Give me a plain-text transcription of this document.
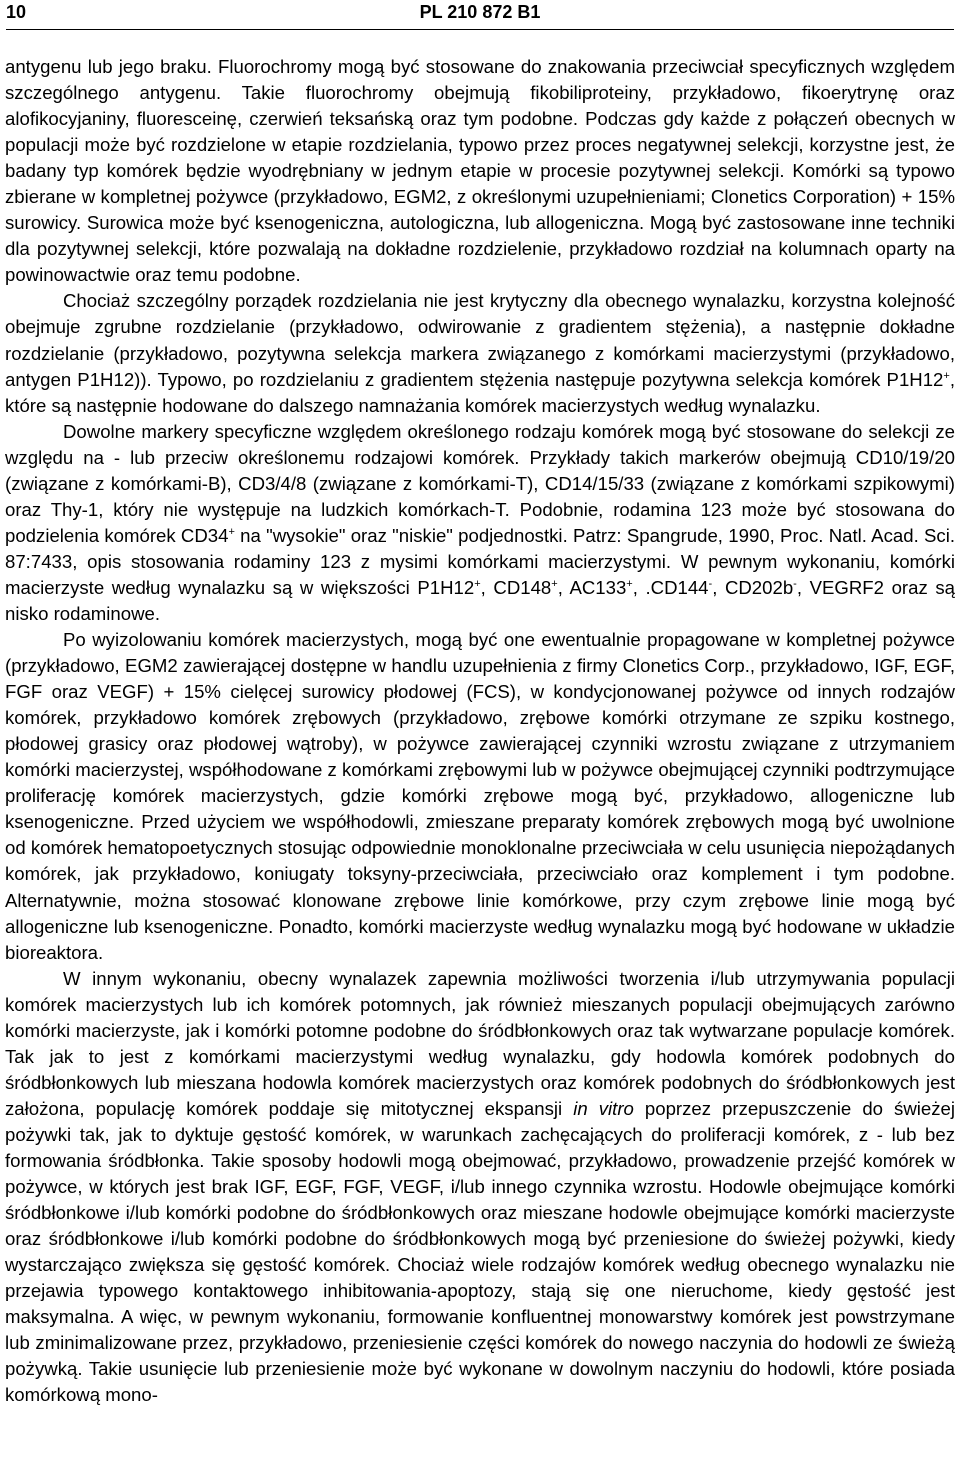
10	PL 210 872 B1

antygenu lub jego braku. Fluorochromy mogą być stosowane do znakowania przeciwciał specyficznych względem szczególnego antygenu. Takie fluorochromy obejmują fikobiliproteiny, przykładowo, fikoerytrynę oraz alofikocyjaniny, fluoresceinę, czerwień teksańską oraz tym podobne. Podczas gdy każde z połączeń obecnych w populacji może być rozdzielone w etapie rozdzielania, typowo przez proces negatywnej selekcji, korzystne jest, że badany typ komórek będzie wyodrębniany w jednym etapie w procesie pozytywnej selekcji. Komórki są typowo zbierane w kompletnej pożywce (przykładowo, EGM2, z określonymi uzupełnieniami; Clonetics Corporation) + 15% surowicy. Surowica może być ksenogeniczna, autologiczna, lub allogeniczna. Mogą być zastosowane inne techniki dla pozytywnej selekcji, które pozwalają na dokładne rozdzielenie, przykładowo rozdział na kolumnach oparty na powinowactwie oraz temu podobne.

Chociaż szczególny porządek rozdzielania nie jest krytyczny dla obecnego wynalazku, korzystna kolejność obejmuje zgrubne rozdzielanie (przykładowo, odwirowanie z gradientem stężenia), a następnie dokładne rozdzielanie (przykładowo, pozytywna selekcja markera związanego z komórkami macierzystymi (przykładowo, antygen P1H12)). Typowo, po rozdzielaniu z gradientem stężenia następuje pozytywna selekcja komórek P1H12+, które są następnie hodowane do dalszego namnażania komórek macierzystych według wynalazku.

Dowolne markery specyficzne względem określonego rodzaju komórek mogą być stosowane do selekcji ze względu na - lub przeciw określonemu rodzajowi komórek. Przykłady takich markerów obejmują CD10/19/20 (związane z komórkami-B), CD3/4/8 (związane z komórkami-T), CD14/15/33 (związane z komórkami szpikowymi) oraz Thy-1, który nie występuje na ludzkich komórkach-T. Podobnie, rodamina 123 może być stosowana do podzielenia komórek CD34+ na "wysokie" oraz "niskie" podjednostki. Patrz: Spangrude, 1990, Proc. Natl. Acad. Sci. 87:7433, opis stosowania rodaminy 123 z mysimi komórkami macierzystymi. W pewnym wykonaniu, komórki macierzyste według wynalazku są w większości P1H12+, CD148+, AC133+, .CD144-, CD202b-, VEGRF2 oraz są nisko rodaminowe.

Po wyizolowaniu komórek macierzystych, mogą być one ewentualnie propagowane w kompletnej pożywce (przykładowo, EGM2 zawierającej dostępne w handlu uzupełnienia z firmy Clonetics Corp., przykładowo, IGF, EGF, FGF oraz VEGF) + 15% cielęcej surowicy płodowej (FCS), w kondycjonowanej pożywce od innych rodzajów komórek, przykładowo komórek zrębowych (przykładowo, zrębowe komórki otrzymane ze szpiku kostnego, płodowej grasicy oraz płodowej wątroby), w pożywce zawierającej czynniki wzrostu związane z utrzymaniem komórki macierzystej, współhodowane z komórkami zrębowymi lub w pożywce obejmującej czynniki podtrzymujące proliferację komórek macierzystych, gdzie komórki zrębowe mogą być, przykładowo, allogeniczne lub ksenogeniczne. Przed użyciem we współhodowli, zmieszane preparaty komórek zrębowych mogą być uwolnione od komórek hematopoetycznych stosując odpowiednie monoklonalne przeciwciała w celu usunięcia niepożądanych komórek, jak przykładowo, koniugaty toksyny-przeciwciała, przeciwciało oraz komplement i tym podobne. Alternatywnie, można stosować klonowane zrębowe linie komórkowe, przy czym zrębowe linie mogą być allogeniczne lub ksenogeniczne. Ponadto, komórki macierzyste według wynalazku mogą być hodowane w układzie bioreaktora.

W innym wykonaniu, obecny wynalazek zapewnia możliwości tworzenia i/lub utrzymywania populacji komórek macierzystych lub ich komórek potomnych, jak również mieszanych populacji obejmujących zarówno komórki macierzyste, jak i komórki potomne podobne do śródbłonkowych oraz tak wytwarzane populacje komórek. Tak jak to jest z komórkami macierzystymi według wynalazku, gdy hodowla komórek podobnych do śródbłonkowych lub mieszana hodowla komórek macierzystych oraz komórek podobnych do śródbłonkowych jest założona, populację komórek poddaje się mitotycznej ekspansji in vitro poprzez przepuszczenie do świeżej pożywki tak, jak to dyktuje gęstość komórek, w warunkach zachęcających do proliferacji komórek, z - lub bez formowania śródbłonka. Takie sposoby hodowli mogą obejmować, przykładowo, prowadzenie przejść komórek w pożywce, w których jest brak IGF, EGF, FGF, VEGF, i/lub innego czynnika wzrostu. Hodowle obejmujące komórki śródbłonkowe i/lub komórki podobne do śródbłonkowych oraz mieszane hodowle obejmujące komórki macierzyste oraz śródbłonkowe i/lub komórki podobne do śródbłonkowych mogą być przeniesione do świeżej pożywki, kiedy wystarczająco zwiększa się gęstość komórek. Chociaż wiele rodzajów komórek według obecnego wynalazku nie przejawia typowego kontaktowego inhibitowania-apoptozy, stają się one nieruchome, kiedy gęstość jest maksymalna. A więc, w pewnym wykonaniu, formowanie konfluentnej monowarstwy komórek jest powstrzymane lub zminimalizowane przez, przykładowo, przeniesienie części komórek do nowego naczynia do hodowli ze świeżą pożywką. Takie usunięcie lub przeniesienie może być wykonane w dowolnym naczyniu do hodowli, które posiada komórkową mono-
